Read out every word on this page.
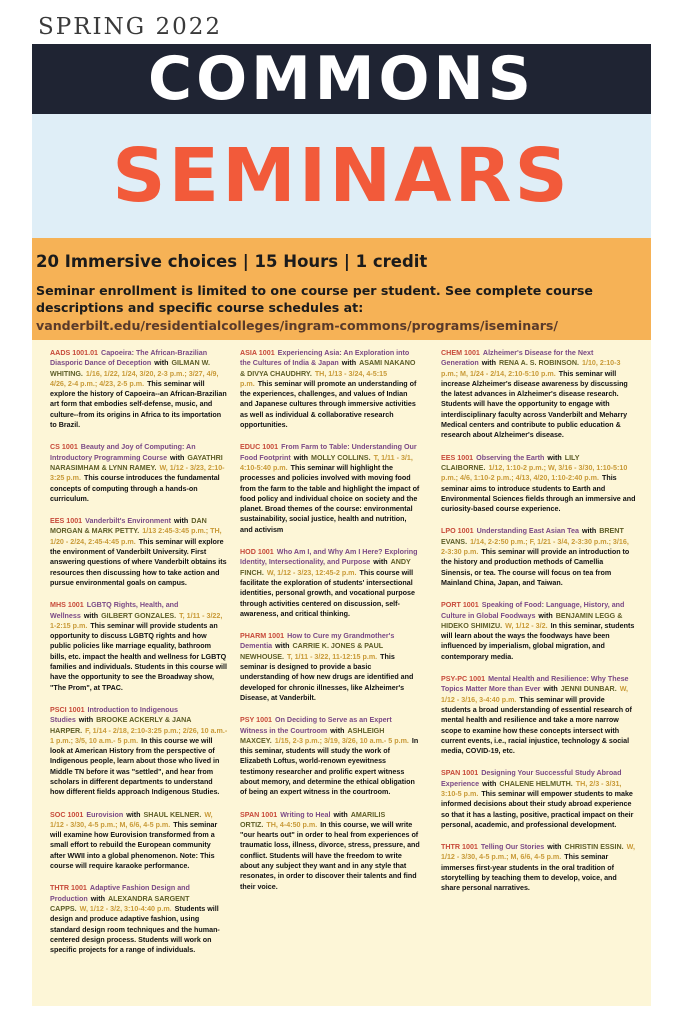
SPRING 2022
COMMONS
SEMINARS
20 Immersive choices | 15 Hours | 1 credit
Seminar enrollment is limited to one course per student. See complete course descriptions and specific course schedules at:
vanderbilt.edu/residentialcolleges/ingram-commons/programs/iseminars/
AADS 1001.01 Capoeira: The African-Brazilian Diasporic Dance of Deception with GILMAN W. WHITING. 1/16, 1/22, 1/24, 3/20, 2-3 p.m.; 3/27, 4/9, 4/26, 2-4 p.m.; 4/23, 2-5 p.m. This seminar will explore the history of Capoeira--an African-Brazilian art form that embodies self-defense, music, and culture--from its origins in Africa to its importation to Brazil.
CS 1001 Beauty and Joy of Computing: An Introductory Programming Course with GAYATHRI NARASIMHAM & LYNN RAMEY. W, 1/12 - 3/23, 2:10-3:25 p.m. This course introduces the fundamental concepts of computing through a hands-on curriculum.
EES 1001 Vanderbilt's Environment with DAN MORGAN & MARK PETTY. 1/13 2:45-3:45 p.m.; TH, 1/20 - 2/24, 2:45-4:45 p.m. This seminar will explore the environment of Vanderbilt University. First answering questions of where Vanderbilt obtains its resources then discussing how to take action and pursue environmental goals on campus.
MHS 1001 LGBTQ Rights, Health, and Wellness with GILBERT GONZALES. T, 1/11 - 3/22, 1-2:15 p.m. This seminar will provide students an opportunity to discuss LGBTQ rights and how public policies like marriage equality, bathroom bills, etc. impact the health and wellness for LGBTQ families and individuals. Students in this course will have the opportunity to see the Broadway show, "The Prom", at TPAC.
PSCI 1001 Introduction to Indigenous Studies with BROOKE ACKERLY & JANA HARPER. F, 1/14 - 2/18, 2:10-3:25 p.m.; 2/26, 10 a.m.- 1 p.m.; 3/5, 10 a.m.- 5 p.m. In this course we will look at American History from the perspective of Indigenous people, learn about those who lived in Middle TN before it was "settled", and hear from scholars in different departments to understand how different fields approach Indigenous Studies.
SOC 1001 Eurovision with SHAUL KELNER. W, 1/12 - 3/30, 4-5 p.m.; M, 6/6, 4-5 p.m. This seminar will examine how Eurovision transformed from a small effort to rebuild the European community after WWII into a global phenomenon. Note: This course will require karaoke performance.
THTR 1001 Adaptive Fashion Design and Production with ALEXANDRA SARGENT CAPPS. W, 1/12 - 3/2, 3:10-4:40 p.m. Students will design and produce adaptive fashion, using standard design room techniques and the human-centered design process. Students will work on specific projects for a range of individuals.
ASIA 1001 Experiencing Asia: An Exploration into the Cultures of India & Japan with ASAMI NAKANO & DIVYA CHAUDHRY. TH, 1/13 - 3/24, 4-5:15 p.m. This seminar will promote an understanding of the experiences, challenges, and values of Indian and Japanese cultures through immersive activities as well as individual & collaborative research opportunities.
EDUC 1001 From Farm to Table: Understanding Our Food Footprint with MOLLY COLLINS. T, 1/11 - 3/1, 4:10-5:40 p.m. This seminar will highlight the processes and policies involved with moving food from the farm to the table and highlight the impact of food policy and individual choice on society and the planet. Broad themes of the course: environmental sustainability, social justice, health and nutrition, and activism
HOD 1001 Who Am I, and Why Am I Here? Exploring Identity, Intersectionality, and Purpose with ANDY FINCH. W, 1/12 - 3/23, 12:45-2 p.m. This course will facilitate the exploration of students' intersectional identities, personal growth, and vocational purpose through activities centered on discussion, self-awareness, and critical thinking.
PHARM 1001 How to Cure my Grandmother's Dementia with CARRIE K. JONES & PAUL NEWHOUSE. T, 1/11 - 3/22, 11-12:15 p.m. This seminar is designed to provide a basic understanding of how new drugs are identified and developed for chronic illnesses, like Alzheimer's Disease, at Vanderbilt.
PSY 1001 On Deciding to Serve as an Expert Witness in the Courtroom with ASHLEIGH MAXCEY. 1/15, 2-3 p.m.; 3/19, 3/26, 10 a.m.- 5 p.m. In this seminar, students will study the work of Elizabeth Loftus, world-renown eyewitness testimony researcher and prolific expert witness about memory, and determine the ethical obligation of being an expert witness in the courtroom.
SPAN 1001 Writing to Heal with AMARILIS ORTIZ. TH, 4-4:50 p.m. In this course, we will write "our hearts out" in order to heal from experiences of traumatic loss, illness, divorce, stress, pressure, and conflict. Students will have the freedom to write about any subject they want and in any style that resonates, in order to discover their talents and find their voice.
CHEM 1001 Alzheimer's Disease for the Next Generation with RENA A. S. ROBINSON. 1/10, 2:10-3 p.m.; M, 1/24 - 2/14, 2:10-5:10 p.m. This seminar will increase Alzheimer's disease awareness by discussing the latest advances in Alzheimer's disease research. Students will have the opportunity to engage with interdisciplinary faculty across Vanderbilt and Meharry Medical centers and contribute to public education & research about Alzheimer's disease.
EES 1001 Observing the Earth with LILY CLAIBORNE. 1/12, 1:10-2 p.m.; W, 3/16 - 3/30, 1:10-5:10 p.m.; 4/6, 1:10-2 p.m.; 4/13, 4/20, 1:10-2:40 p.m. This seminar aims to introduce students to Earth and Environmental Sciences fields through an immersive and curiosity-based course experience.
LPO 1001 Understanding East Asian Tea with BRENT EVANS. 1/14, 2-2:50 p.m.; F, 1/21 - 3/4, 2-3:30 p.m.; 3/16, 2-3:30 p.m. This seminar will provide an introduction to the history and production methods of Camellia Sinensis, or tea. The course will focus on tea from Mainland China, Japan, and Taiwan.
PORT 1001 Speaking of Food: Language, History, and Culture in Global Foodways with BENJAMIN LEGG & HIDEKO SHIMIZU. W, 1/12 - 3/2. In this seminar, students will learn about the ways the foodways have been influenced by imperialism, global migration, and contemporary media.
PSY-PC 1001 Mental Health and Resilience: Why These Topics Matter More than Ever with JENNI DUNBAR. W, 1/12 - 3/16, 3-4:40 p.m. This seminar will provide students a broad understanding of essential research of mental health and resilience and take a more narrow scope to examine how these concepts intersect with current events, i.e., racial injustice, technology & social media, COVID-19, etc.
SPAN 1001 Designing Your Successful Study Abroad Experience with CHALENE HELMUTH. TH, 2/3 - 3/31, 3:10-5 p.m. This seminar will empower students to make informed decisions about their study abroad experience so that it has a lasting, positive, practical impact on their personal, academic, and professional development.
THTR 1001 Telling Our Stories with CHRISTIN ESSIN. W, 1/12 - 3/30, 4-5 p.m.; M, 6/6, 4-5 p.m. This seminar immerses first-year students in the oral tradition of storytelling by teaching them to develop, voice, and share personal narratives.
